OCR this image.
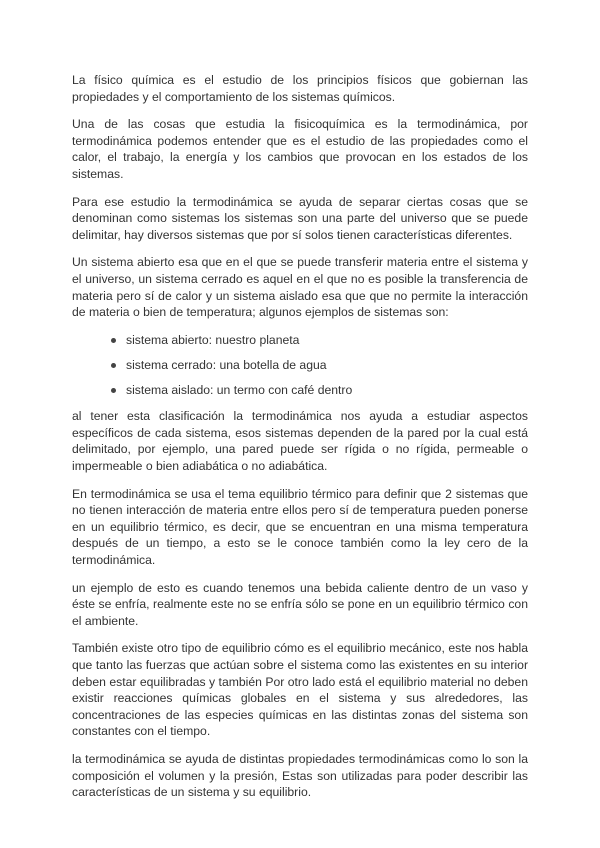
La físico química es el estudio de los principios físicos que gobiernan las propiedades y el comportamiento de los sistemas químicos.

Una de las cosas que estudia la fisicoquímica es la termodinámica, por termodinámica podemos entender que es el estudio de las propiedades como el calor, el trabajo, la energía y los cambios que provocan en los estados de los sistemas.

Para ese estudio la termodinámica se ayuda de separar ciertas cosas que se denominan como sistemas los sistemas son una parte del universo que se puede delimitar, hay diversos sistemas que por sí solos tienen características diferentes.

Un sistema abierto esa que en el que se puede transferir materia entre el sistema y el universo, un sistema cerrado es aquel en el que no es posible la transferencia de materia pero sí de calor y un sistema aislado esa que que no permite la interacción de materia o bien de temperatura; algunos ejemplos de sistemas son:

sistema abierto: nuestro planeta
sistema cerrado: una botella de agua
sistema aislado: un termo con café dentro

al tener esta clasificación la termodinámica nos ayuda a estudiar aspectos específicos de cada sistema, esos sistemas dependen de la pared por la cual está delimitado, por ejemplo, una pared puede ser rígida o no rígida, permeable o impermeable o bien adiabática o no adiabática.

En termodinámica se usa el tema equilibrio térmico para definir que 2 sistemas que no tienen interacción de materia entre ellos pero sí de temperatura pueden ponerse en un equilibrio térmico, es decir, que se encuentran en una misma temperatura después de un tiempo, a esto se le conoce también como la ley cero de la termodinámica.

un ejemplo de esto es cuando tenemos una bebida caliente dentro de un vaso y éste se enfría, realmente este no se enfría sólo se pone en un equilibrio térmico con el ambiente.

También existe otro tipo de equilibrio cómo es el equilibrio mecánico, este nos habla que tanto las fuerzas que actúan sobre el sistema como las existentes en su interior deben estar equilibradas y también Por otro lado está el equilibrio material no deben existir reacciones químicas globales en el sistema y sus alrededores, las concentraciones de las especies químicas en las distintas zonas del sistema son constantes con el tiempo.

la termodinámica se ayuda de distintas propiedades termodinámicas como lo son la composición el volumen y la presión, Estas son utilizadas para poder describir las características de un sistema y su equilibrio.
